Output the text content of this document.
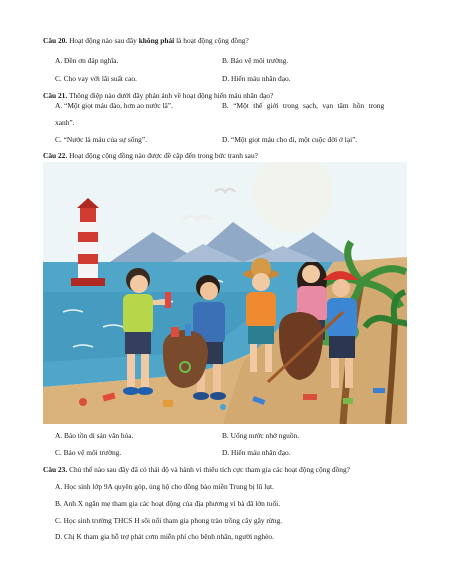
Câu 20. Hoạt động nào sau đây không phải là hoạt động cộng đồng?
A. Đền ơn đáp nghĩa.	B. Bảo vệ môi trường.
C. Cho vay với lãi suất cao.	D. Hiến máu nhân đạo.
Câu 21. Thông điệp nào dưới đây phản ánh về hoạt động hiến máu nhân đạo?
A. “Một giọt máu đào, hơn ao nước lã”.	B. “Một thế giới trong sạch, vạn tâm hồn trong
xanh”.
C. “Nước là máu của sự sống”.	D. “Một giọt máu cho đi, một cuộc đời ở lại”.
Câu 22. Hoạt động cộng đồng nào được đề cập đến trong bức tranh sau?
A. Bảo tồn di sản văn hóa.	B. Uống nước nhớ nguồn.
C. Bảo vệ môi trường.	D. Hiến máu nhân đạo.
Câu 23. Chủ thể nào sau đây đã có thái độ và hành vi thiếu tích cực tham gia các hoạt động cộng đồng?
A. Học sinh lớp 9A quyên góp, ủng hộ cho đồng bào miền Trung bị lũ lụt.
B. Anh X ngăn mẹ tham gia các hoạt động của địa phương vì bà đã lớn tuổi.
C. Học sinh trường THCS H sôi nổi tham gia phong trào trồng cây gây rừng.
D. Chị K tham gia hỗ trợ phát cơm miễn phí cho bệnh nhân, người nghèo.
